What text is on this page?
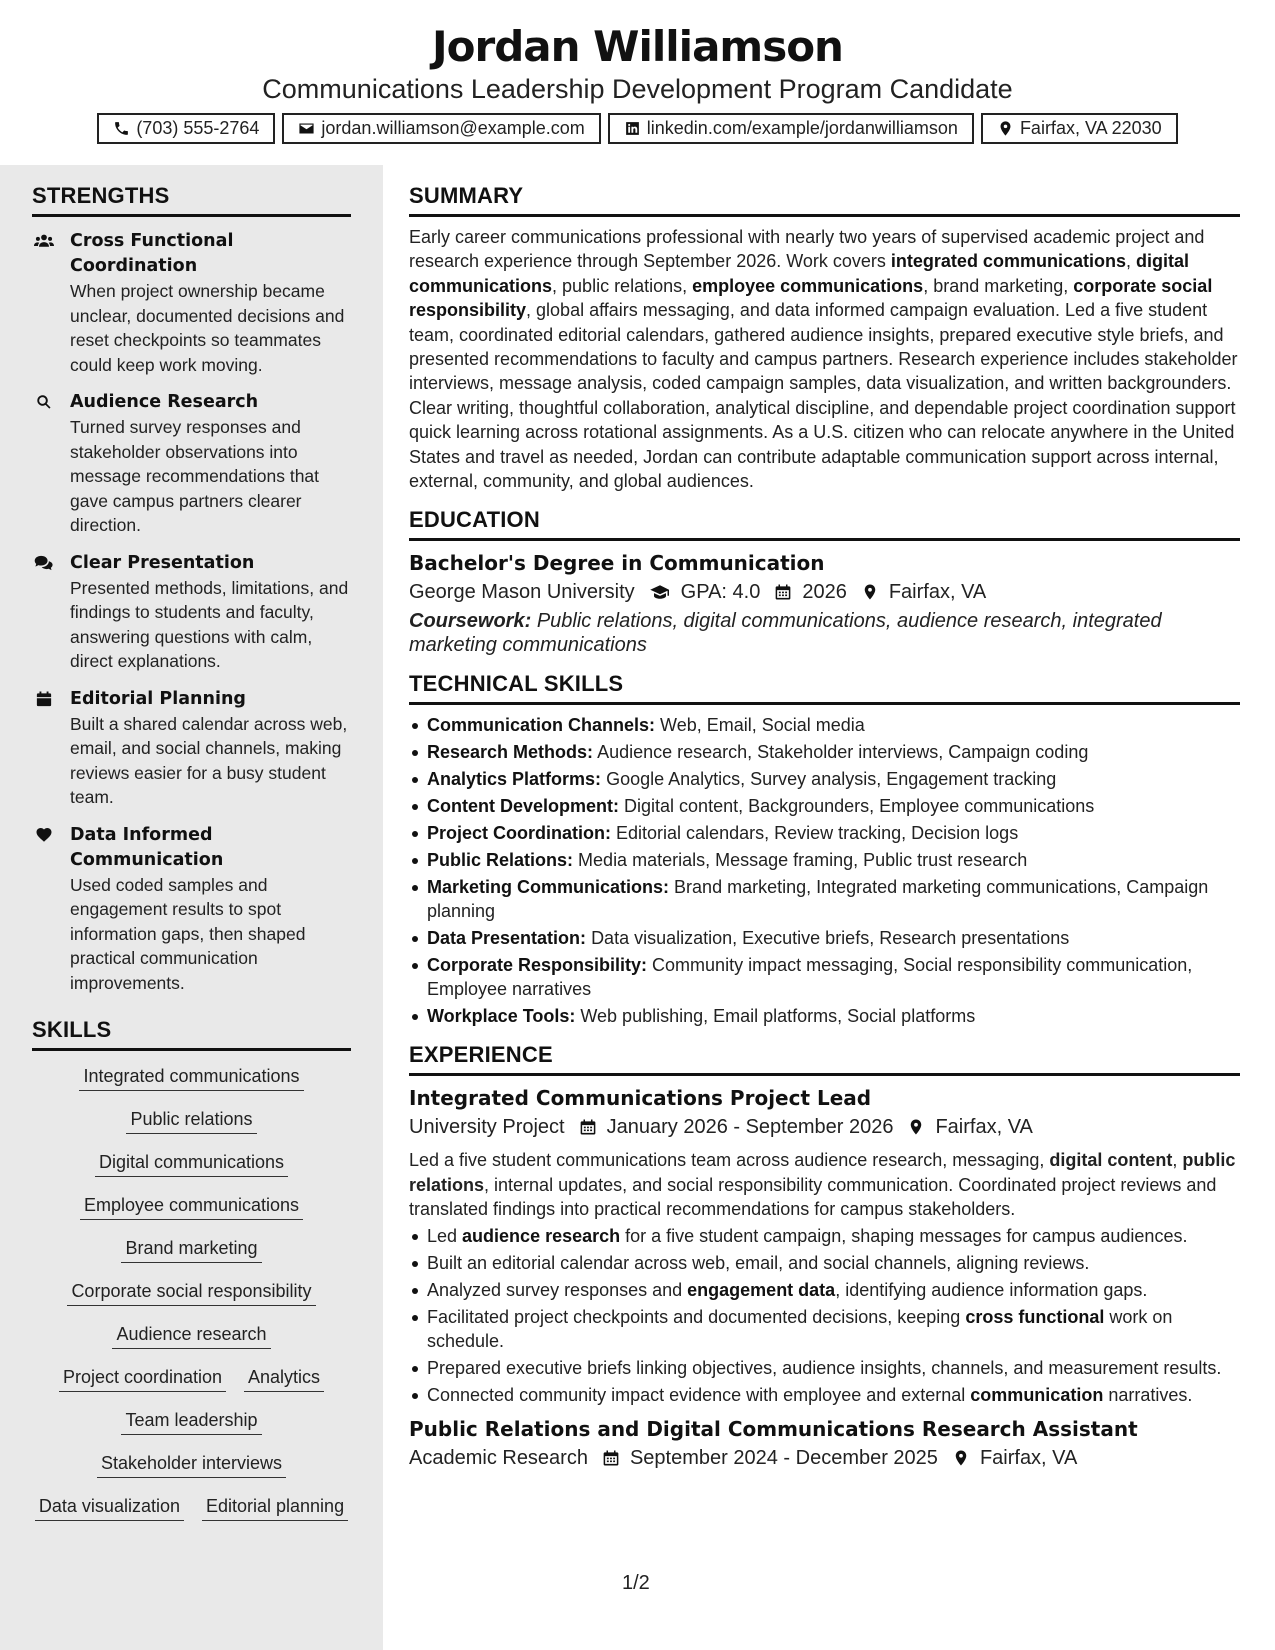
Jordan Williamson
Communications Leadership Development Program Candidate
(703) 555-2764	jordan.williamson@example.com	linkedin.com/example/jordanwilliamson	Fairfax, VA 22030
STRENGTHS
Cross Functional Coordination
When project ownership became unclear, documented decisions and reset checkpoints so teammates could keep work moving.
Audience Research
Turned survey responses and stakeholder observations into message recommendations that gave campus partners clearer direction.
Clear Presentation
Presented methods, limitations, and findings to students and faculty, answering questions with calm, direct explanations.
Editorial Planning
Built a shared calendar across web, email, and social channels, making reviews easier for a busy student team.
Data Informed Communication
Used coded samples and engagement results to spot information gaps, then shaped practical communication improvements.
SKILLS
Integrated communications
Public relations
Digital communications
Employee communications
Brand marketing
Corporate social responsibility
Audience research
Project coordination Analytics
Team leadership
Stakeholder interviews
Data visualization Editorial planning
SUMMARY
Early career communications professional with nearly two years of supervised academic project and research experience through September 2026. Work covers integrated communications, digital communications, public relations, employee communications, brand marketing, corporate social responsibility, global affairs messaging, and data informed campaign evaluation. Led a five student team, coordinated editorial calendars, gathered audience insights, prepared executive style briefs, and presented recommendations to faculty and campus partners. Research experience includes stakeholder interviews, message analysis, coded campaign samples, data visualization, and written backgrounders. Clear writing, thoughtful collaboration, analytical discipline, and dependable project coordination support quick learning across rotational assignments. As a U.S. citizen who can relocate anywhere in the United States and travel as needed, Jordan can contribute adaptable communication support across internal, external, community, and global audiences.
EDUCATION
Bachelor's Degree in Communication
George Mason University GPA: 4.0 2026 Fairfax, VA
Coursework: Public relations, digital communications, audience research, integrated marketing communications
TECHNICAL SKILLS
Communication Channels: Web, Email, Social media
Research Methods: Audience research, Stakeholder interviews, Campaign coding
Analytics Platforms: Google Analytics, Survey analysis, Engagement tracking
Content Development: Digital content, Backgrounders, Employee communications
Project Coordination: Editorial calendars, Review tracking, Decision logs
Public Relations: Media materials, Message framing, Public trust research
Marketing Communications: Brand marketing, Integrated marketing communications, Campaign planning
Data Presentation: Data visualization, Executive briefs, Research presentations
Corporate Responsibility: Community impact messaging, Social responsibility communication, Employee narratives
Workplace Tools: Web publishing, Email platforms, Social platforms
EXPERIENCE
Integrated Communications Project Lead
University Project January 2026 - September 2026 Fairfax, VA
Led a five student communications team across audience research, messaging, digital content, public relations, internal updates, and social responsibility communication. Coordinated project reviews and translated findings into practical recommendations for campus stakeholders.
Led audience research for a five student campaign, shaping messages for campus audiences.
Built an editorial calendar across web, email, and social channels, aligning reviews.
Analyzed survey responses and engagement data, identifying audience information gaps.
Facilitated project checkpoints and documented decisions, keeping cross functional work on schedule.
Prepared executive briefs linking objectives, audience insights, channels, and measurement results.
Connected community impact evidence with employee and external communication narratives.
Public Relations and Digital Communications Research Assistant
Academic Research September 2024 - December 2025 Fairfax, VA
1/2
